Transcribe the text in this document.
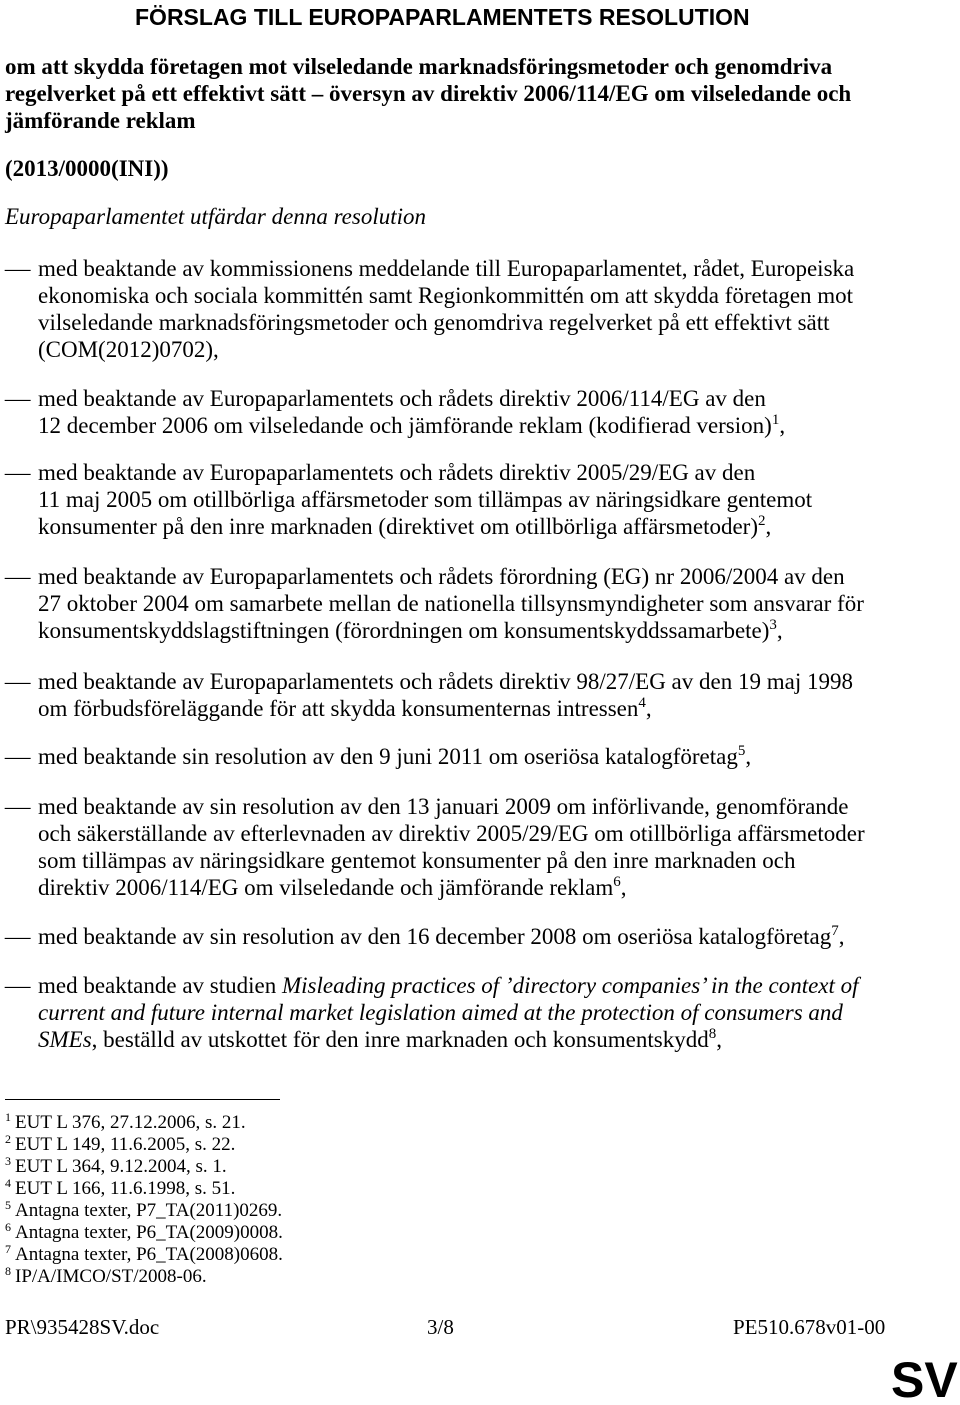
FÖRSLAG TILL EUROPAPARLAMENTETS RESOLUTION
om att skydda företagen mot vilseledande marknadsföringsmetoder och genomdriva
regelverket på ett effektivt sätt – översyn av direktiv 2006/114/EG om vilseledande och
jämförande reklam
(2013/0000(INI))
Europaparlamentet utfärdar denna resolution
– med beaktande av kommissionens meddelande till Europaparlamentet, rådet, Europeiska
ekonomiska och sociala kommittén samt Regionkommittén om att skydda företagen mot
vilseledande marknadsföringsmetoder och genomdriva regelverket på ett effektivt sätt
(COM(2012)0702),
– med beaktande av Europaparlamentets och rådets direktiv 2006/114/EG av den
12 december 2006 om vilseledande och jämförande reklam (kodifierad version)$^1$,
– med beaktande av Europaparlamentets och rådets direktiv 2005/29/EG av den
11 maj 2005 om otillbörliga affärsmetoder som tillämpas av näringsidkare gentemot
konsumenter på den inre marknaden (direktivet om otillbörliga affärsmetoder)$^2$,
– med beaktande av Europaparlamentets och rådets förordning (EG) nr 2006/2004 av den
27 oktober 2004 om samarbete mellan de nationella tillsynsmyndigheter som ansvarar för
konsumentskyddslagstiftningen (förordningen om konsumentskyddssamarbete)$^3$,
– med beaktande av Europaparlamentets och rådets direktiv 98/27/EG av den 19 maj 1998
om förbudsföreläggande för att skydda konsumenternas intressen$^4$,
– med beaktande sin resolution av den 9 juni 2011 om oseriösa katalogföretag$^5$,
– med beaktande av sin resolution av den 13 januari 2009 om införlivande, genomförande
och säkerställande av efterlevnaden av direktiv 2005/29/EG om otillbörliga affärsmetoder
som tillämpas av näringsidkare gentemot konsumenter på den inre marknaden och
direktiv 2006/114/EG om vilseledande och jämförande reklam$^6$,
– med beaktande av sin resolution av den 16 december 2008 om oseriösa katalogföretag$^7$,
– med beaktande av studien Misleading practices of ’directory companies’ in the context of
current and future internal market legislation aimed at the protection of consumers and
SMEs, beställd av utskottet för den inre marknaden och konsumentskydd$^8$,
1 EUT L 376, 27.12.2006, s. 21.
2 EUT L 149, 11.6.2005, s. 22.
3 EUT L 364, 9.12.2004, s. 1.
4 EUT L 166, 11.6.1998, s. 51.
5 Antagna texter, P7_TA(2011)0269.
6 Antagna texter, P6_TA(2009)0008.
7 Antagna texter, P6_TA(2008)0608.
8 IP/A/IMCO/ST/2008-06.
PR\935428SV.doc	3/8	PE510.678v01-00
SV
